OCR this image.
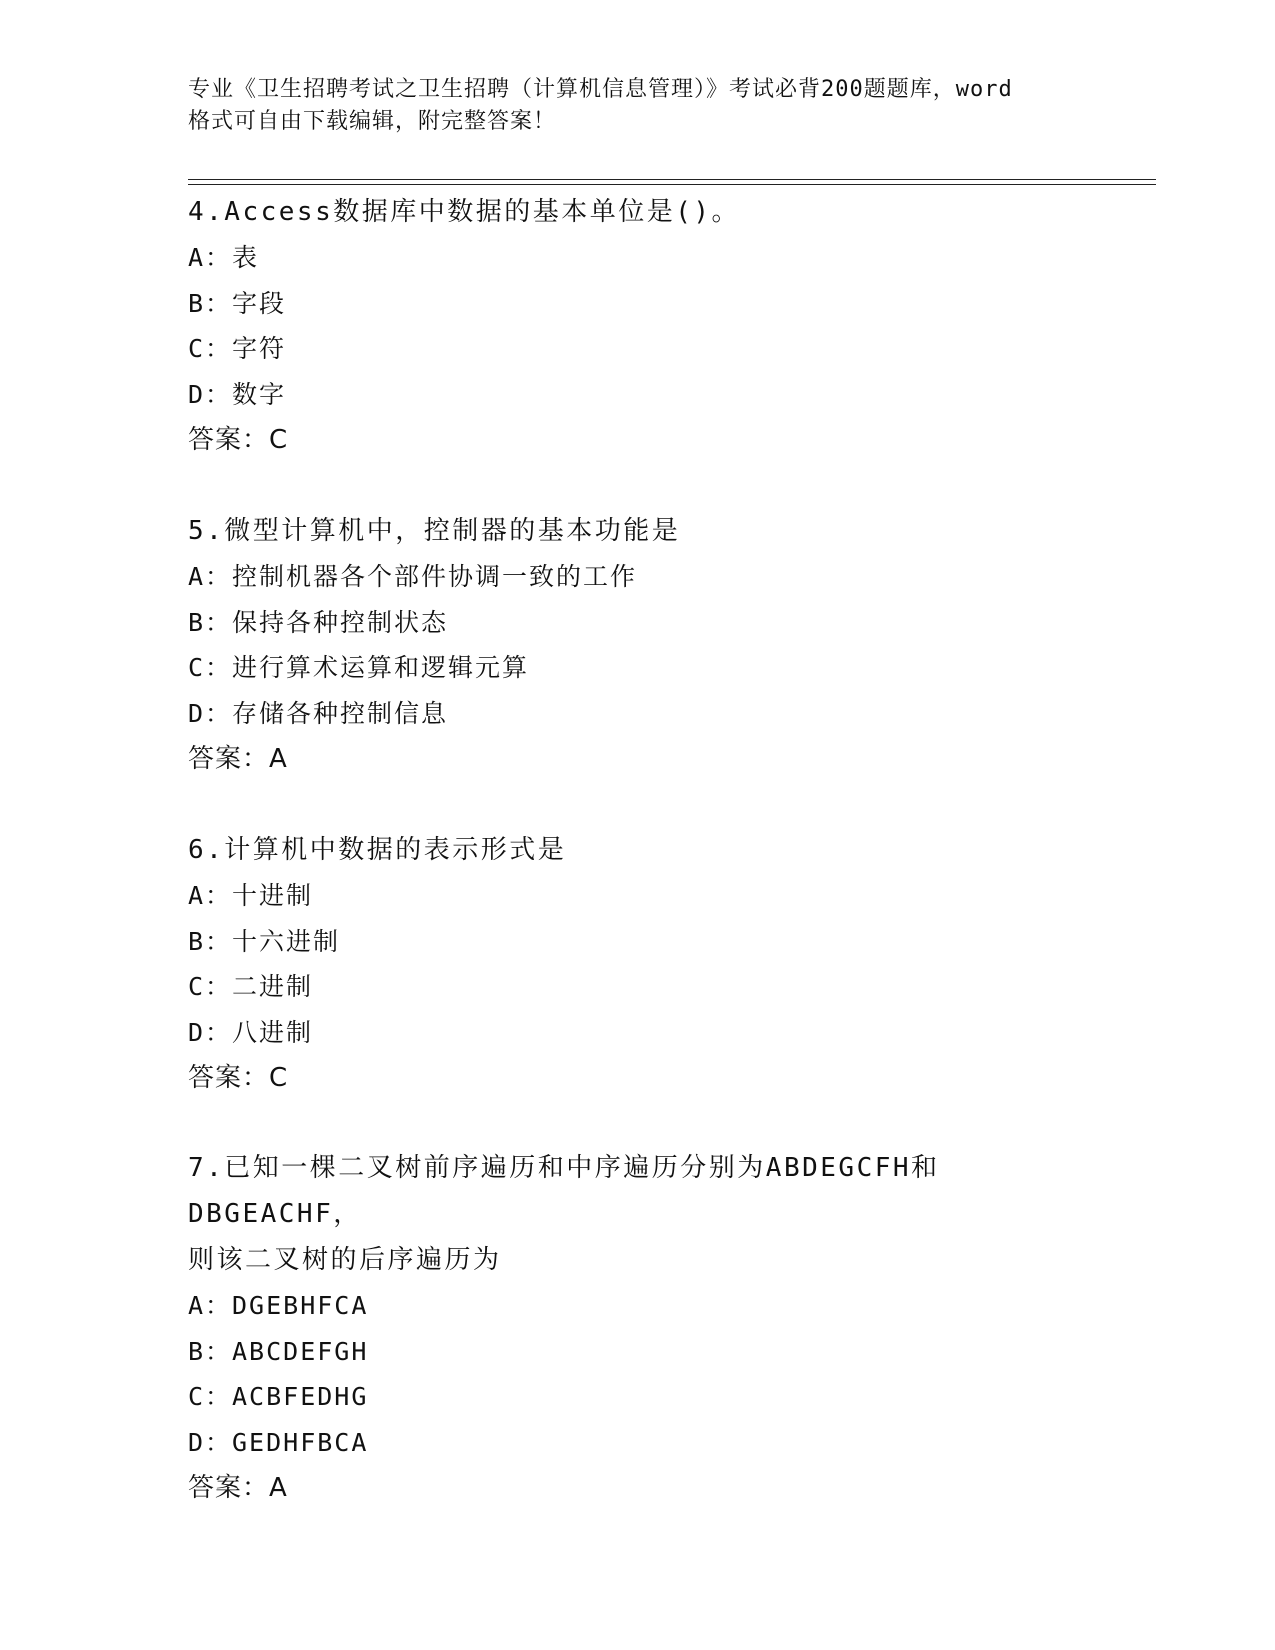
专业《卫生招聘考试之卫生招聘（计算机信息管理）》考试必背200题题库，word
格式可自由下载编辑，附完整答案！
4.Access数据库中数据的基本单位是()。
A：表
B：字段
C：字符
D：数字
答案：C
5.微型计算机中，控制器的基本功能是
A：控制机器各个部件协调一致的工作
B：保持各种控制状态
C：进行算术运算和逻辑元算
D：存储各种控制信息
答案：A
6.计算机中数据的表示形式是
A：十进制
B：十六进制
C：二进制
D：八进制
答案：C
7.已知一棵二叉树前序遍历和中序遍历分别为ABDEGCFH和DBGEACHF，
则该二叉树的后序遍历为
A：DGEBHFCA
B：ABCDEFGH
C：ACBFEDHG
D：GEDHFBCA
答案：A
